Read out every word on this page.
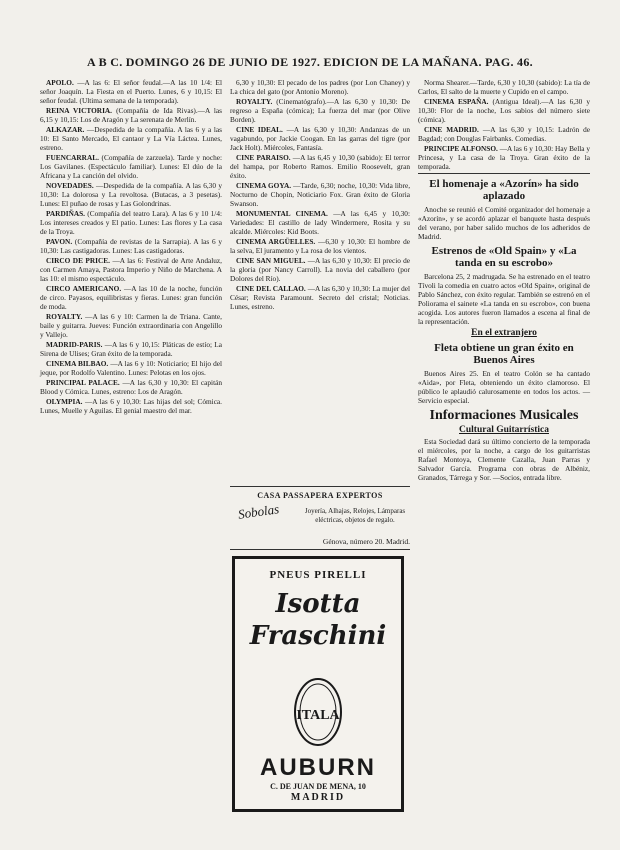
A B C. DOMINGO 26 DE JUNIO DE 1927. EDICION DE LA MAÑANA. PAG. 46.

APOLO. —A las 6: El señor feudal.—A las 10 1/4: El señor Joaquín. La Fiesta en el Puerto. Lunes, 6 y 10,15: El señor feudal. (Ultima semana de la temporada).

REINA VICTORIA. (Compañía de Ida Rivas).—A las 6,15 y 10,15: Los de Aragón y La serenata de Merlín.

ALKAZAR. —Despedida de la compañía. A las 6 y a las 10: El Santo Mercado, El cantaor y La Vía Láctea. Lunes, estreno.

FUENCARRAL. (Compañía de zarzuela). Tarde y noche: Los Gavilanes. (Espectáculo familiar). Lunes: El dúo de la Africana y La canción del olvido.

NOVEDADES. —Despedida de la compañía. A las 6,30 y 10,30: La dolorosa y La revoltosa. (Butacas, a 3 pesetas). Lunes: El puñao de rosas y Las Golondrinas.

PARDIÑAS. (Compañía del teatro Lara). A las 6 y 10 1/4: Los intereses creados y El patio. Lunes: Las flores y La casa de la Troya.

PAVON. (Compañía de revistas de la Sarrapia). A las 6 y 10,30: Las castigadoras. Lunes: Las castigadoras.

CIRCO DE PRICE. —A las 6: Festival de Arte Andaluz, con Carmen Amaya, Pastora Imperio y Niño de Marchena. A las 10: el mismo espectáculo.

CIRCO AMERICANO. —A las 10 de la noche, función de circo. Payasos, equilibristas y fieras. Lunes: gran función de moda.

ROYALTY. —A las 6 y 10: Carmen la de Triana. Cante, baile y guitarra. Jueves: Función extraordinaria con Angelillo y Vallejo.

MADRID-PARIS. —A las 6 y 10,15: Pláticas de estío; La Sirena de Ulises; Gran éxito de la temporada.

CINEMA BILBAO. —A las 6 y 10: Noticiario; El hijo del jeque, por Rodolfo Valentino. Lunes: Pelotas en los ojos.

PRINCIPAL PALACE. —A las 6,30 y 10,30: El capitán Blood y Cómica. Lunes, estreno: Los de Aragón.

OLYMPIA. —A las 6 y 10,30: Las hijas del sol; Cómica. Lunes, Muelle y Aguilas. El genial maestro del mar.

6,30 y 10,30: El pecado de los padres (por Lon Chaney) y La chica del gato (por Antonio Moreno).

ROYALTY. (Cinematógrafo).—A las 6,30 y 10,30: De regreso a España (cómica); La fuerza del mar (por Olive Borden).

CINE IDEAL. —A las 6,30 y 10,30: Andanzas de un vagabundo, por Jackie Coogan. En las garras del tigre (por Jack Holt). Miércoles, Fantasía.

CINE PARAISO. —A las 6,45 y 10,30 (sabido): El terror del hampa, por Roberto Ramos. Emilio Roosevelt, gran éxito.

CINEMA GOYA. —Tarde, 6,30; noche, 10,30: Vida libre, Nocturno de Chopin, Noticiario Fox. Gran éxito de Gloria Swanson.

MONUMENTAL CINEMA. —A las 6,45 y 10,30: Variedades: El castillo de lady Windermere, Rosita y su alcalde. Miércoles: Kid Boots.

CINEMA ARGÜELLES. —6,30 y 10,30: El hombre de la selva, El juramento y La rosa de los vientos.

CINE SAN MIGUEL. —A las 6,30 y 10,30: El precio de la gloria (por Nancy Carroll). La novia del caballero (por Dolores del Río).

CINE DEL CALLAO. —A las 6,30 y 10,30: La mujer del César; Revista Paramount. Secreto del cristal; Noticias. Lunes, estreno.

CASA PASSAPERA EXPERTOS
Sobolas	Joyería, Alhajas, Relojes, Lámparas eléctricas, objetos de regalo.
Génova, número 20. Madrid.
PNEUS PIRELLI
Isotta
Fraschini
ITALA
AUBURN
C. DE JUAN DE MENA, 10
MADRID

Norma Shearer.—Tarde, 6,30 y 10,30 (sabido): La tía de Carlos, El salto de la muerte y Cupido en el campo.

CINEMA ESPAÑA. (Antigua Ideal).—A las 6,30 y 10,30: Flor de la noche, Los sabios del número siete (cómica).

CINE MADRID. —A las 6,30 y 10,15: Ladrón de Bagdad; con Douglas Fairbanks. Comedias.

PRINCIPE ALFONSO. —A las 6 y 10,30: Hay Bella y Princesa, y La casa de la Troya. Gran éxito de la temporada.

El homenaje a «Azorín» ha sido aplazado

Anoche se reunió el Comité organizador del homenaje a «Azorín», y se acordó aplazar el banquete hasta después del verano, por haber salido muchos de los adheridos de Madrid.

Estrenos de «Old Spain» y «La tanda en su escrobo»

Barcelona 25, 2 madrugada. Se ha estrenado en el teatro Tívoli la comedia en cuatro actos «Old Spain», original de Pablo Sánchez, con éxito regular. También se estrenó en el Poliorama el sainete «La tanda en su escrobo», con buena acogida. Los autores fueron llamados a escena al final de la representación.

En el extranjero
Fleta obtiene un gran éxito en Buenos Aires

Buenos Aires 25. En el teatro Colón se ha cantado «Aida», por Fleta, obteniendo un éxito clamoroso. El público le aplaudió calurosamente en todos los actos. —Servicio especial.

Informaciones Musicales
Cultural Guitarrística

Esta Sociedad dará su último concierto de la temporada el miércoles, por la noche, a cargo de los guitarristas Rafael Montoya, Clemente Cazalla, Juan Parras y Salvador García. Programa con obras de Albéniz, Granados, Tárrega y Sor. —Socios, entrada libre.
